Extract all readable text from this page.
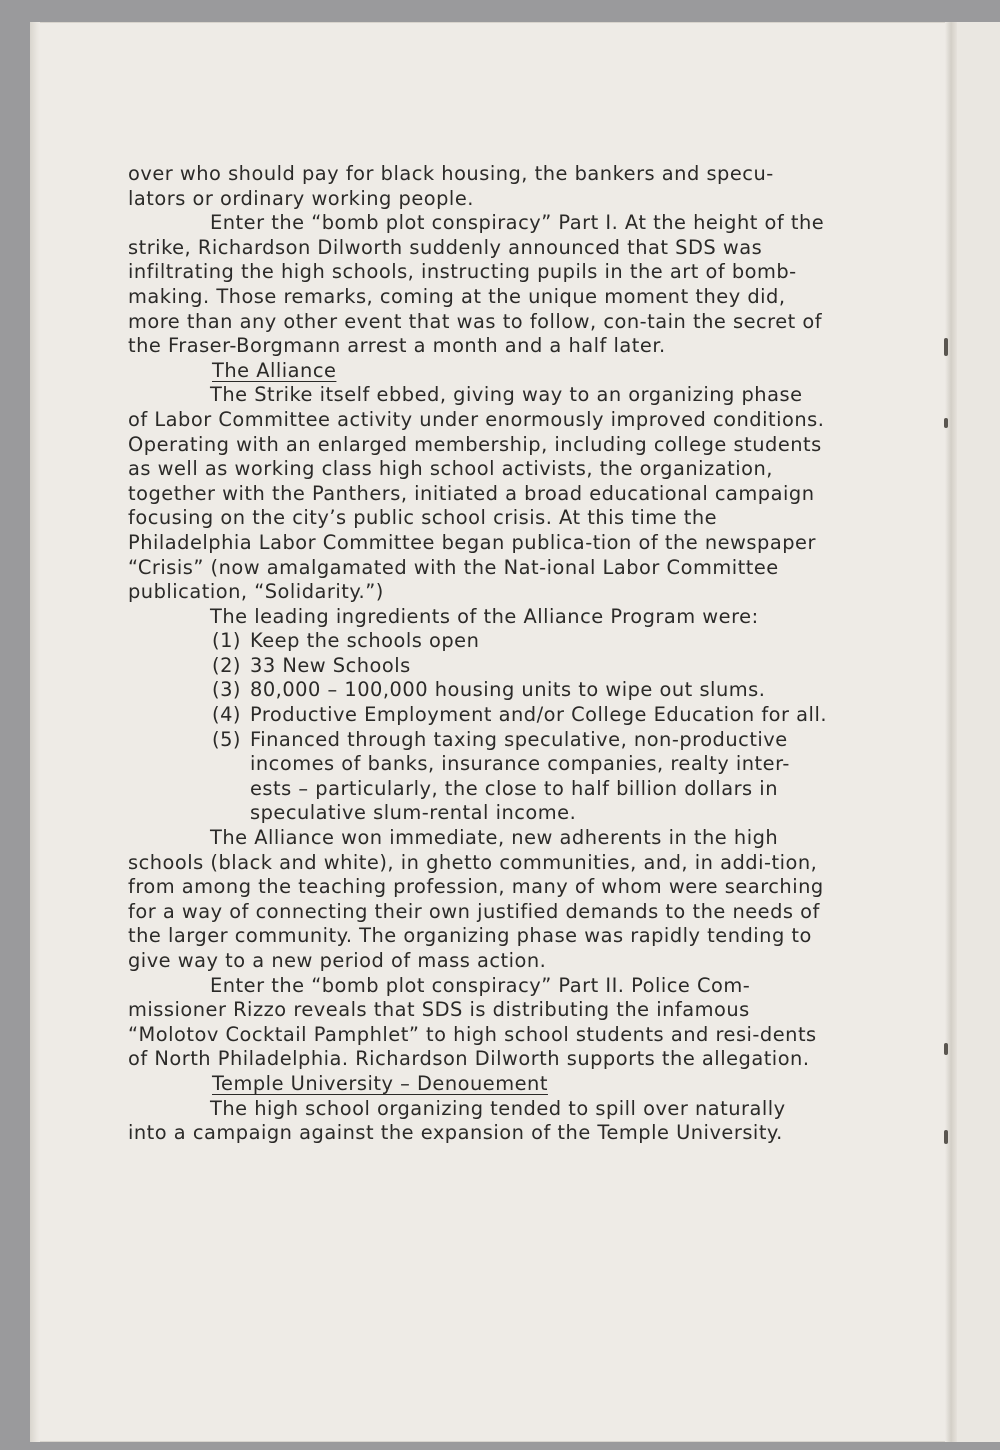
over who should pay for black housing, the bankers and specu-lators or ordinary working people.

Enter the “bomb plot conspiracy” Part I. At the height of the strike, Richardson Dilworth suddenly announced that SDS was infiltrating the high schools, instructing pupils in the art of bomb-making. Those remarks, coming at the unique moment they did, more than any other event that was to follow, con-tain the secret of the Fraser-Borgmann arrest a month and a half later.

The Alliance

The Strike itself ebbed, giving way to an organizing phase of Labor Committee activity under enormously improved conditions. Operating with an enlarged membership, including college students as well as working class high school activists, the organization, together with the Panthers, initiated a broad educational campaign focusing on the city’s public school crisis. At this time the Philadelphia Labor Committee began publica-tion of the newspaper “Crisis” (now amalgamated with the Nat-ional Labor Committee publication, “Solidarity.”)

The leading ingredients of the Alliance Program were:

(1) Keep the schools open
(2) 33 New Schools
(3) 80,000 – 100,000 housing units to wipe out slums.
(4) Productive Employment and/or College Education for all.
(5) Financed through taxing speculative, non-productive incomes of banks, insurance companies, realty inter-ests – particularly, the close to half billion dollars in speculative slum-rental income.

The Alliance won immediate, new adherents in the high schools (black and white), in ghetto communities, and, in addi-tion, from among the teaching profession, many of whom were searching for a way of connecting their own justified demands to the needs of the larger community. The organizing phase was rapidly tending to give way to a new period of mass action.

Enter the “bomb plot conspiracy” Part II. Police Com-missioner Rizzo reveals that SDS is distributing the infamous “Molotov Cocktail Pamphlet” to high school students and resi-dents of North Philadelphia. Richardson Dilworth supports the allegation.

Temple University – Denouement

The high school organizing tended to spill over naturally into a campaign against the expansion of the Temple University.
